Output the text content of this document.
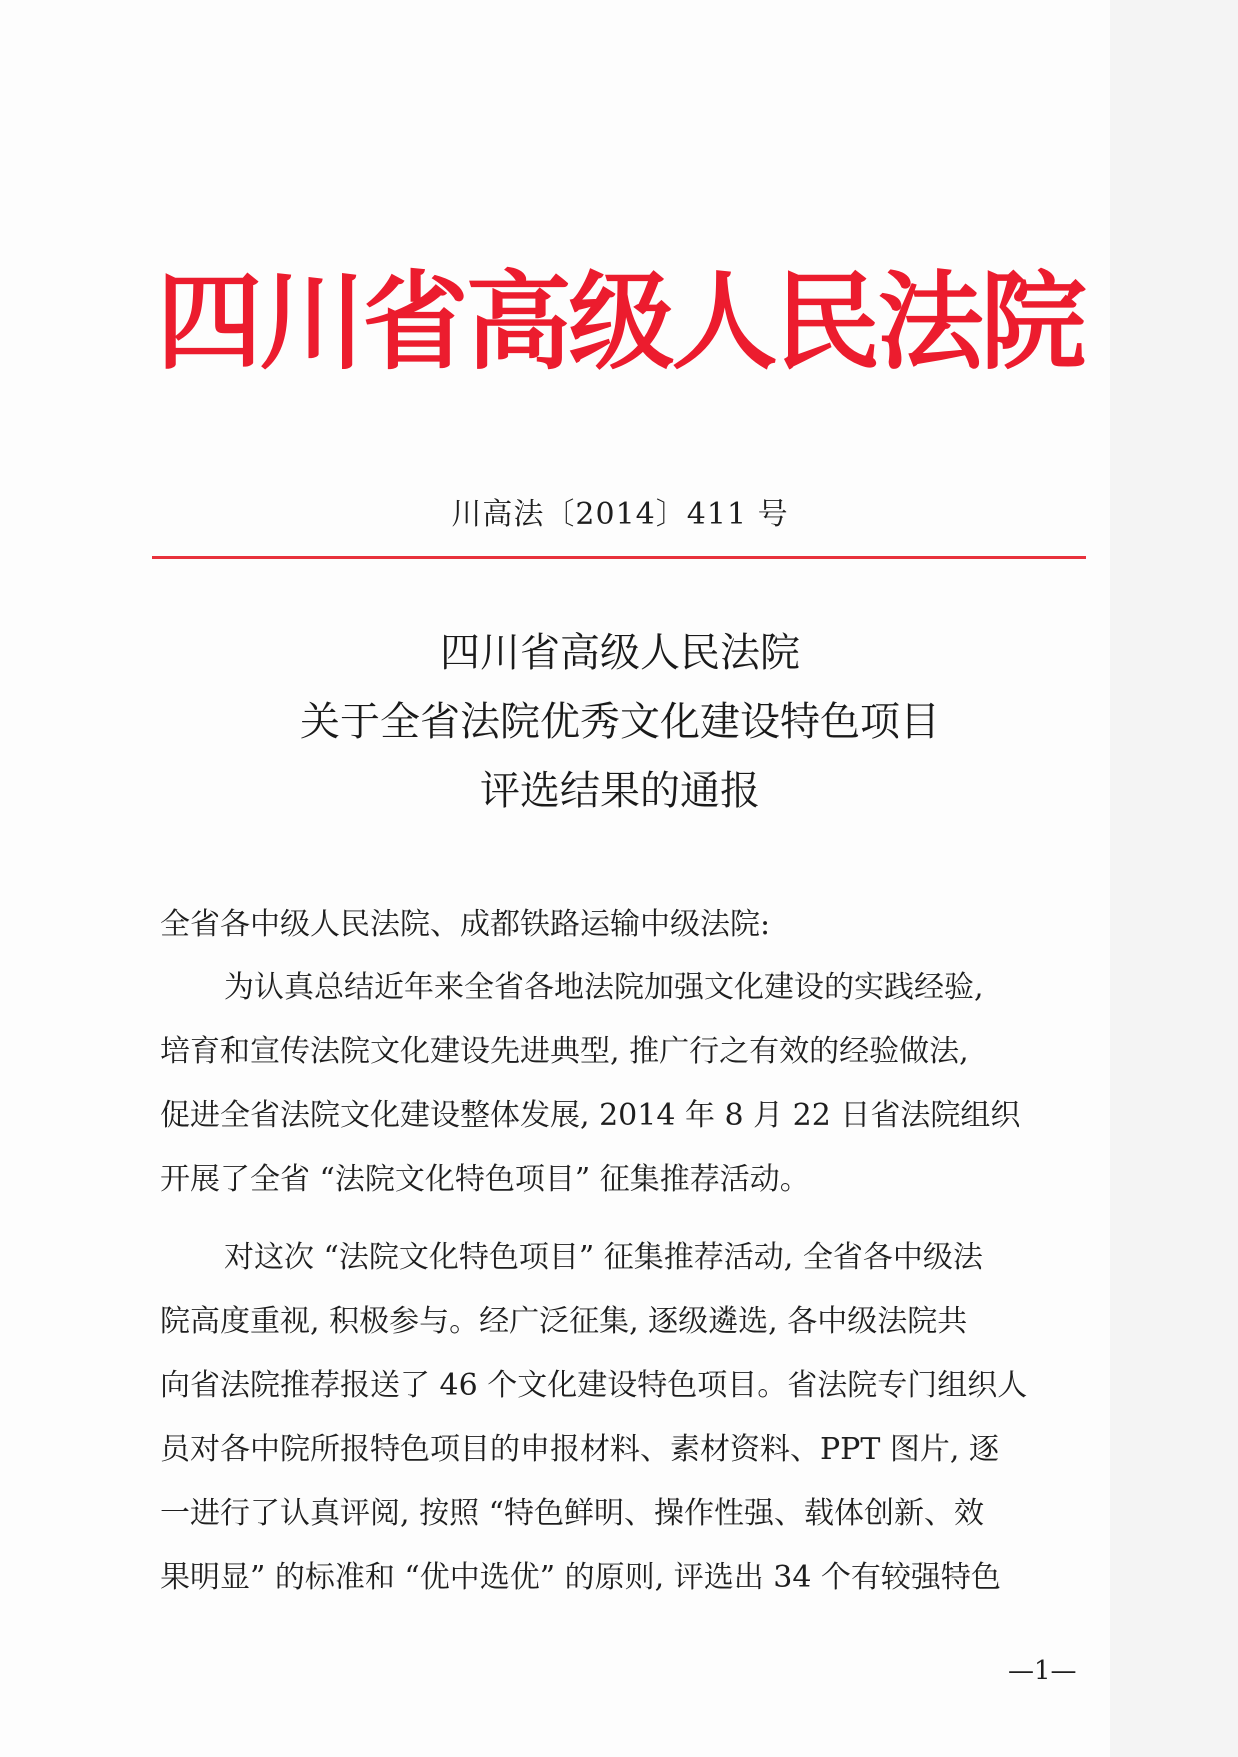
四川省高级人民法院
川高法〔2014〕411 号
四川省高级人民法院
关于全省法院优秀文化建设特色项目
评选结果的通报
全省各中级人民法院、成都铁路运输中级法院:
为认真总结近年来全省各地法院加强文化建设的实践经验,
培育和宣传法院文化建设先进典型, 推广行之有效的经验做法,
促进全省法院文化建设整体发展, 2014 年 8 月 22 日省法院组织
开展了全省 “法院文化特色项目” 征集推荐活动。
对这次 “法院文化特色项目” 征集推荐活动, 全省各中级法
院高度重视, 积极参与。经广泛征集, 逐级遴选, 各中级法院共
向省法院推荐报送了 46 个文化建设特色项目。省法院专门组织人
员对各中院所报特色项目的申报材料、素材资料、PPT 图片, 逐
一进行了认真评阅, 按照 “特色鲜明、操作性强、载体创新、效
果明显” 的标准和 “优中选优” 的原则, 评选出 34 个有较强特色
—1—
